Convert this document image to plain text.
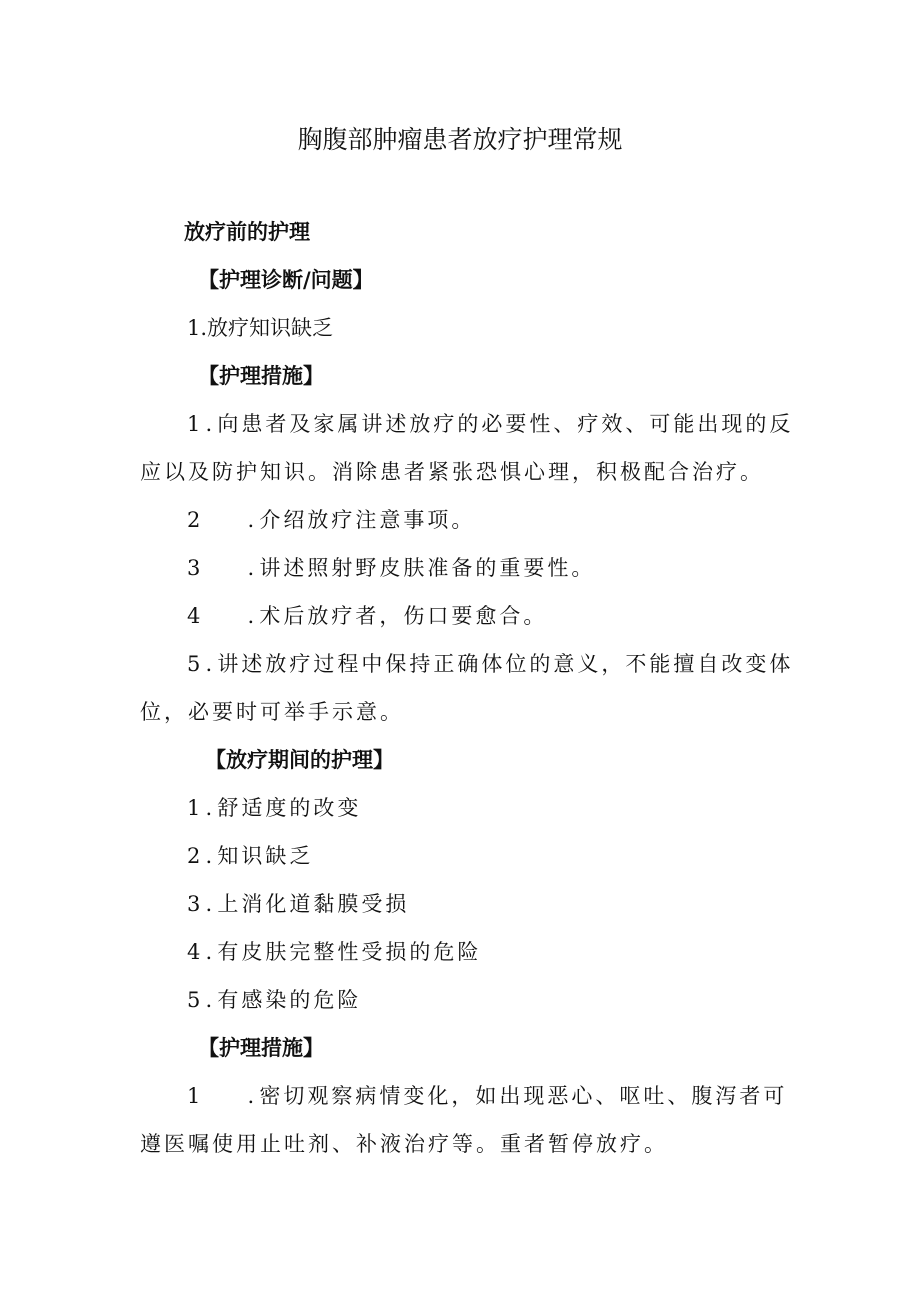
胸腹部肿瘤患者放疗护理常规

放疗前的护理

【护理诊断/问题】

1.放疗知识缺乏

【护理措施】

1 . 向患者及家属讲述放疗的必要性、疗效、可能出现的反

应以及防护知识。消除患者紧张恐惧心理，积极配合治疗。

2 . 介绍放疗注意事项。

3 . 讲述照射野皮肤准备的重要性。

4 . 术后放疗者，伤口要愈合。

5 . 讲述放疗过程中保持正确体位的意义，不能擅自改变体

位，必要时可举手示意。

【放疗期间的护理】

1 . 舒适度的改变

2 . 知识缺乏

3 . 上消化道黏膜受损

4 . 有皮肤完整性受损的危险

5 . 有感染的危险

【护理措施】

1 . 密切观察病情变化，如出现恶心、呕吐、腹泻者可

遵医嘱使用止吐剂、补液治疗等。重者暂停放疗。
